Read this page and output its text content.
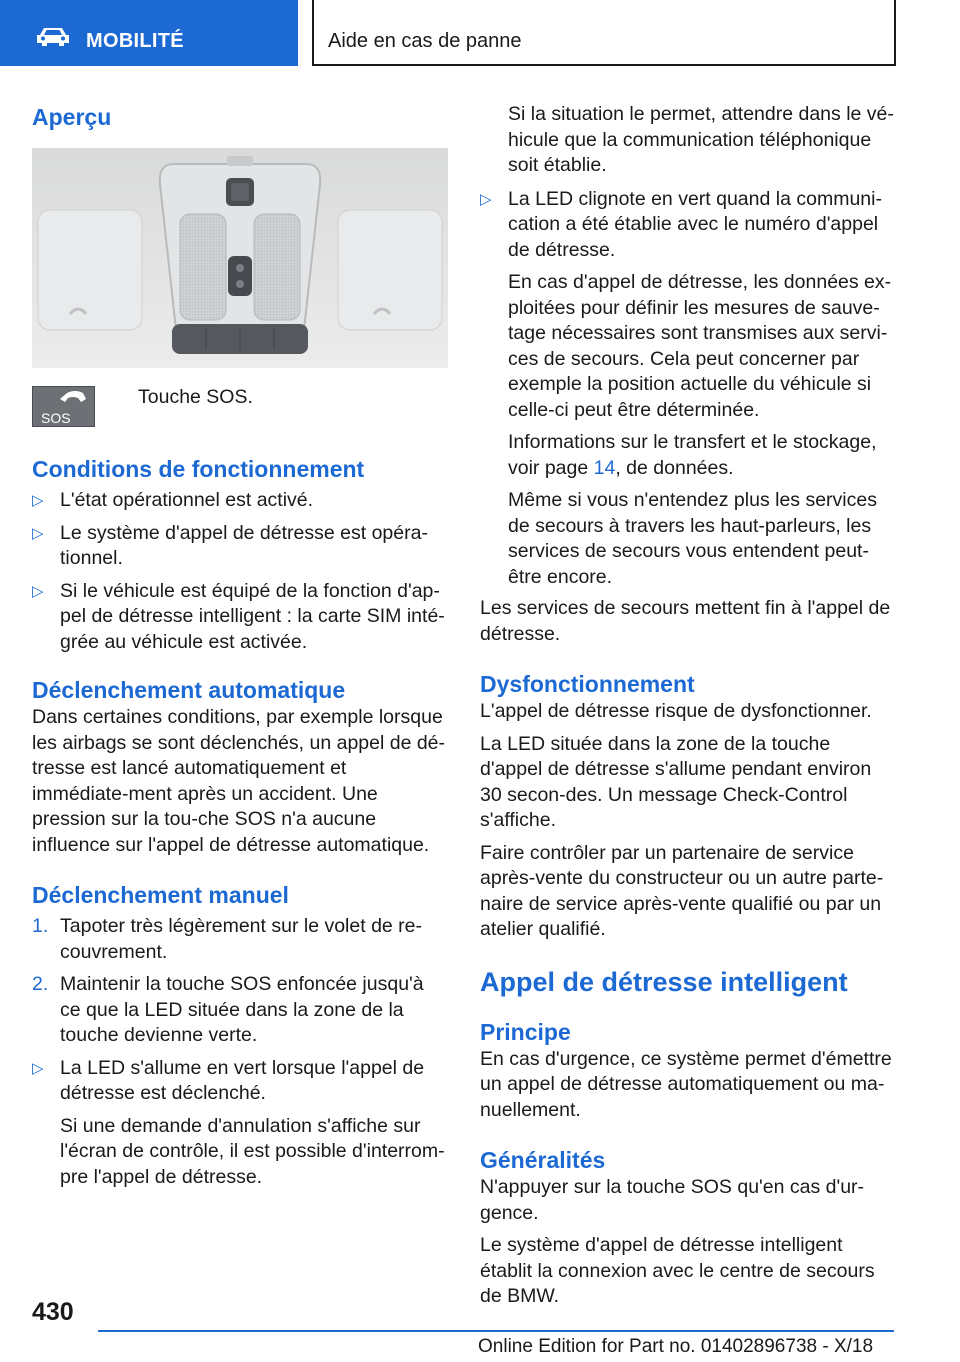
MOBILITÉ	Aide en cas de panne
Aperçu
SOS

Touche SOS.

Conditions de fonctionnement
▷ L'état opérationnel est activé.

▷ Le système d'appel de détresse est opéra-tionnel.

▷ Si le véhicule est équipé de la fonction d'ap-pel de détresse intelligent : la carte SIM inté-grée au véhicule est activée.

Déclenchement automatique

Dans certaines conditions, par exemple lorsque les airbags se sont déclenchés, un appel de dé-tresse est lancé automatiquement et immédiate-ment après un accident. Une pression sur la tou-che SOS n'a aucune influence sur l'appel de détresse automatique.

Déclenchement manuel
1. Tapoter très légèrement sur le volet de re-couvrement.

2. Maintenir la touche SOS enfoncée jusqu'à ce que la LED située dans la zone de la touche devienne verte.

▷ La LED s'allume en vert lorsque l'appel de détresse est déclenché.

Si une demande d'annulation s'affiche sur l'écran de contrôle, il est possible d'interrom-pre l'appel de détresse.

Si la situation le permet, attendre dans le vé-hicule que la communication téléphonique soit établie.

▷ La LED clignote en vert quand la communi-cation a été établie avec le numéro d'appel de détresse.

En cas d'appel de détresse, les données ex-ploitées pour définir les mesures de sauve-tage nécessaires sont transmises aux servi-ces de secours. Cela peut concerner par exemple la position actuelle du véhicule si celle-ci peut être déterminée.

Informations sur le transfert et le stockage, voir page 14, de données.

Même si vous n'entendez plus les services de secours à travers les haut-parleurs, les services de secours vous entendent peut-être encore.

Les services de secours mettent fin à l'appel de détresse.

Dysfonctionnement

L'appel de détresse risque de dysfonctionner.

La LED située dans la zone de la touche d'appel de détresse s'allume pendant environ 30 secon-des. Un message Check-Control s'affiche.

Faire contrôler par un partenaire de service après-vente du constructeur ou un autre parte-naire de service après-vente qualifié ou par un atelier qualifié.

Appel de détresse intelligent
Principe

En cas d'urgence, ce système permet d'émettre un appel de détresse automatiquement ou ma-nuellement.

Généralités

N'appuyer sur la touche SOS qu'en cas d'ur-gence.

Le système d'appel de détresse intelligent établit la connexion avec le centre de secours de BMW.

430
Online Edition for Part no. 01402896738 - X/18
